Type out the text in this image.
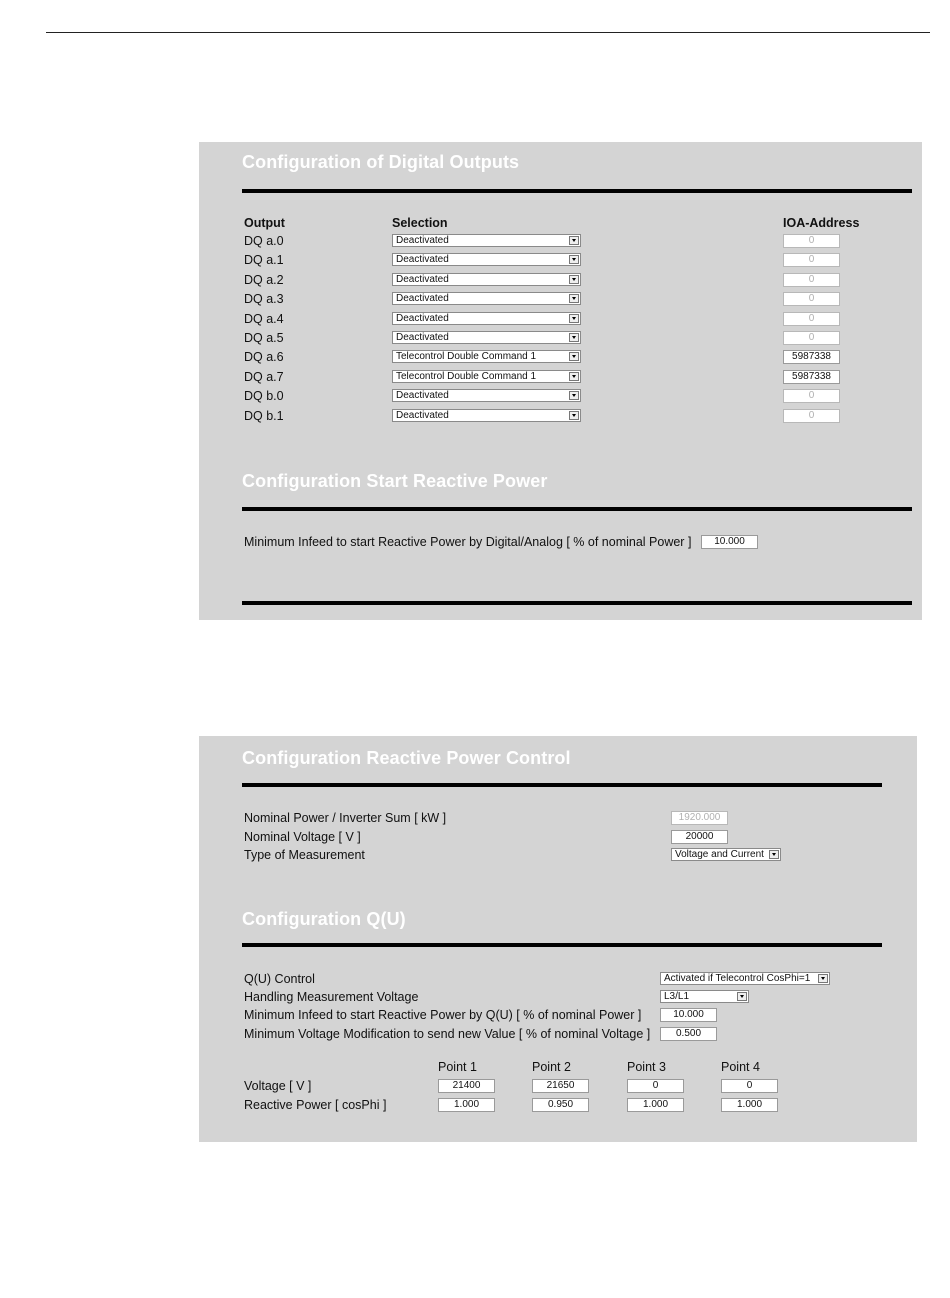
Configuration of Digital Outputs
Output	Selection	IOA-Address
DQ a.0	Deactivated	0
DQ a.1	Deactivated	0
DQ a.2	Deactivated	0
DQ a.3	Deactivated	0
DQ a.4	Deactivated	0
DQ a.5	Deactivated	0
DQ a.6	Telecontrol Double Command 1	5987338
DQ a.7	Telecontrol Double Command 1	5987338
DQ b.0	Deactivated	0
DQ b.1	Deactivated	0
Configuration Start Reactive Power
Minimum Infeed to start Reactive Power by Digital/Analog [ % of nominal Power ]	10.000
Configuration Reactive Power Control
Nominal Power / Inverter Sum [ kW ]	1920.000
Nominal Voltage [ V ]	20000
Type of Measurement	Voltage and Current
Configuration Q(U)
Q(U) Control	Activated if Telecontrol CosPhi=1
Handling Measurement Voltage	L3/L1
Minimum Infeed to start Reactive Power by Q(U) [ % of nominal Power ]	10.000
Minimum Voltage Modification to send new Value [ % of nominal Voltage ]	0.500
Point 1	Point 2	Point 3	Point 4
Voltage [ V ]	21400	21650	0	0
Reactive Power [ cosPhi ]	1.000	0.950	1.000	1.000
